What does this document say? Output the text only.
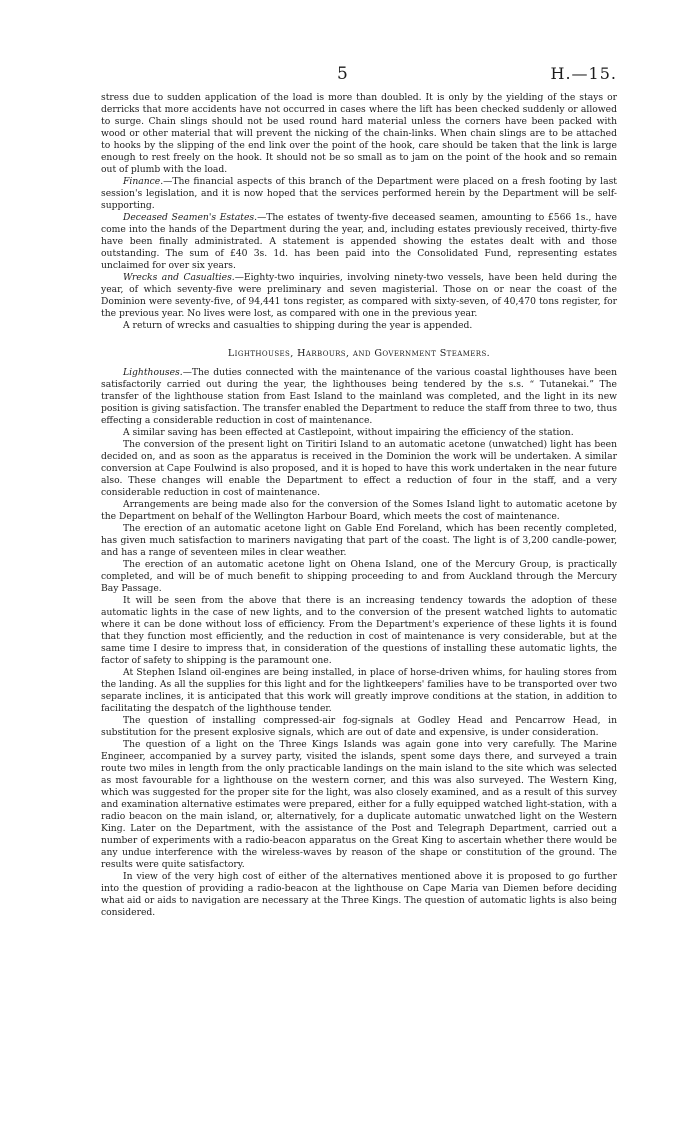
5	H.—15.

stress due to sudden application of the load is more than doubled. It is only by the yielding of the stays or derricks that more accidents have not occurred in cases where the lift has been checked suddenly or allowed to surge. Chain slings should not be used round hard material unless the corners have been packed with wood or other material that will prevent the nicking of the chain-links. When chain slings are to be attached to hooks by the slipping of the end link over the point of the hook, care should be taken that the link is large enough to rest freely on the hook. It should not be so small as to jam on the point of the hook and so remain out of plumb with the load.

Finance.—The financial aspects of this branch of the Department were placed on a fresh footing by last session's legislation, and it is now hoped that the services performed herein by the Department will be self-supporting.

Deceased Seamen's Estates.—The estates of twenty-five deceased seamen, amounting to £566 1s., have come into the hands of the Department during the year, and, including estates previously received, thirty-five have been finally administrated. A statement is appended showing the estates dealt with and those outstanding. The sum of £40 3s. 1d. has been paid into the Consolidated Fund, representing estates unclaimed for over six years.

Wrecks and Casualties.—Eighty-two inquiries, involving ninety-two vessels, have been held during the year, of which seventy-five were preliminary and seven magisterial. Those on or near the coast of the Dominion were seventy-five, of 94,441 tons register, as compared with sixty-seven, of 40,470 tons register, for the previous year. No lives were lost, as compared with one in the previous year.

A return of wrecks and casualties to shipping during the year is appended.

Lighthouses, Harbours, and Government Steamers.

Lighthouses.—The duties connected with the maintenance of the various coastal lighthouses have been satisfactorily carried out during the year, the lighthouses being tendered by the s.s. “ Tutanekai.” The transfer of the lighthouse station from East Island to the mainland was completed, and the light in its new position is giving satisfaction. The transfer enabled the Department to reduce the staff from three to two, thus effecting a considerable reduction in cost of maintenance.

A similar saving has been effected at Castlepoint, without impairing the efficiency of the station.

The conversion of the present light on Tiritiri Island to an automatic acetone (unwatched) light has been decided on, and as soon as the apparatus is received in the Dominion the work will be undertaken. A similar conversion at Cape Foulwind is also proposed, and it is hoped to have this work undertaken in the near future also. These changes will enable the Department to effect a reduction of four in the staff, and a very considerable reduction in cost of maintenance.

Arrangements are being made also for the conversion of the Somes Island light to automatic acetone by the Department on behalf of the Wellington Harbour Board, which meets the cost of maintenance.

The erection of an automatic acetone light on Gable End Foreland, which has been recently completed, has given much satisfaction to mariners navigating that part of the coast. The light is of 3,200 candle-power, and has a range of seventeen miles in clear weather.

The erection of an automatic acetone light on Ohena Island, one of the Mercury Group, is practically completed, and will be of much benefit to shipping proceeding to and from Auckland through the Mercury Bay Passage.

It will be seen from the above that there is an increasing tendency towards the adoption of these automatic lights in the case of new lights, and to the conversion of the present watched lights to automatic where it can be done without loss of efficiency. From the Department's experience of these lights it is found that they function most efficiently, and the reduction in cost of maintenance is very considerable, but at the same time I desire to impress that, in consideration of the questions of installing these automatic lights, the factor of safety to shipping is the paramount one.

At Stephen Island oil-engines are being installed, in place of horse-driven whims, for hauling stores from the landing. As all the supplies for this light and for the lightkeepers' families have to be transported over two separate inclines, it is anticipated that this work will greatly improve conditions at the station, in addition to facilitating the despatch of the lighthouse tender.

The question of installing compressed-air fog-signals at Godley Head and Pencarrow Head, in substitution for the present explosive signals, which are out of date and expensive, is under consideration.

The question of a light on the Three Kings Islands was again gone into very carefully. The Marine Engineer, accompanied by a survey party, visited the islands, spent some days there, and surveyed a train route two miles in length from the only practicable landings on the main island to the site which was selected as most favourable for a lighthouse on the western corner, and this was also surveyed. The Western King, which was suggested for the proper site for the light, was also closely examined, and as a result of this survey and examination alternative estimates were prepared, either for a fully equipped watched light-station, with a radio beacon on the main island, or, alternatively, for a duplicate automatic unwatched light on the Western King. Later on the Department, with the assistance of the Post and Telegraph Department, carried out a number of experiments with a radio-beacon apparatus on the Great King to ascertain whether there would be any undue interference with the wireless-waves by reason of the shape or constitution of the ground. The results were quite satisfactory.

In view of the very high cost of either of the alternatives mentioned above it is proposed to go further into the question of providing a radio-beacon at the lighthouse on Cape Maria van Diemen before deciding what aid or aids to navigation are necessary at the Three Kings. The question of automatic lights is also being considered.
